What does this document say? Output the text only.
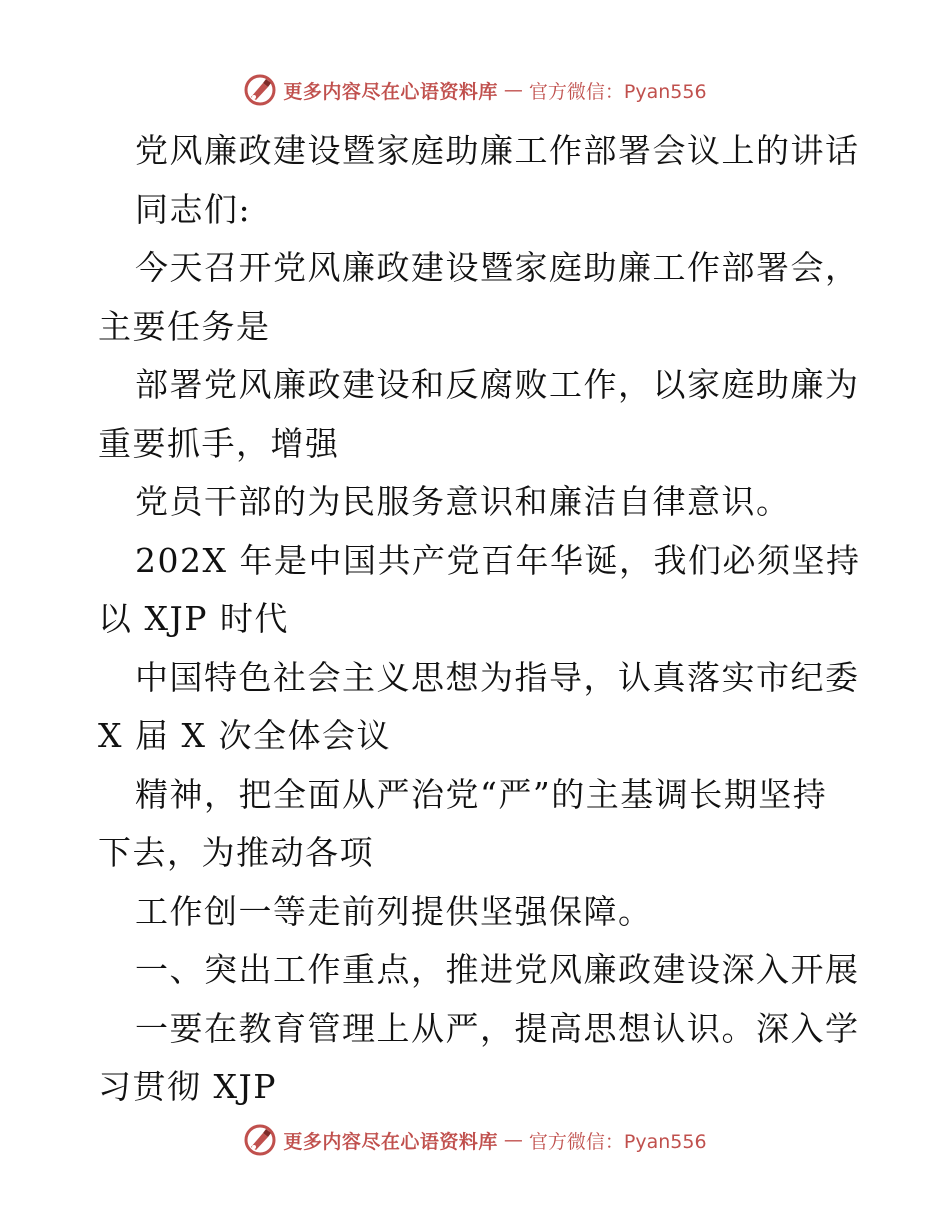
更多内容尽在心语资料库 — 官方微信：Pyan556
党风廉政建设暨家庭助廉工作部署会议上的讲话
同志们:
今天召开党风廉政建设暨家庭助廉工作部署会，
主要任务是
部署党风廉政建设和反腐败工作，以家庭助廉为
重要抓手，增强
党员干部的为民服务意识和廉洁自律意识。
202X 年是中国共产党百年华诞，我们必须坚持
以 XJP 时代
中国特色社会主义思想为指导，认真落实市纪委
X 届 X 次全体会议
精神，把全面从严治党“严”的主基调长期坚持
下去，为推动各项
工作创一等走前列提供坚强保障。
一、突出工作重点，推进党风廉政建设深入开展
一要在教育管理上从严，提高思想认识。深入学
习贯彻 XJP
更多内容尽在心语资料库 — 官方微信：Pyan556
